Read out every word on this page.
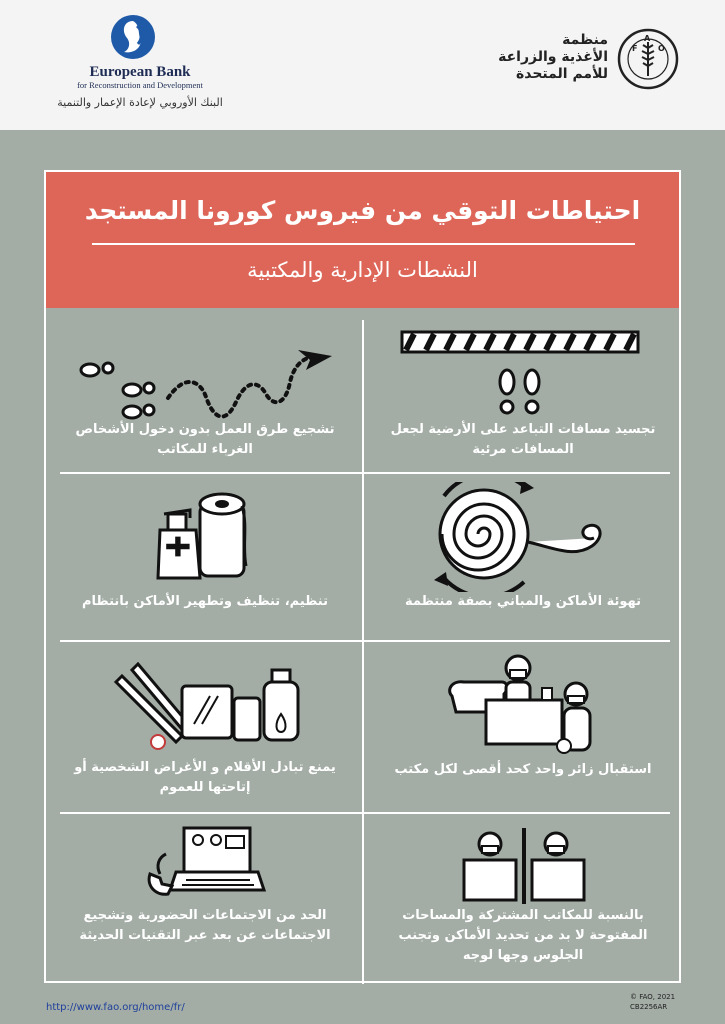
European Bank
for Reconstruction and Development
البنك الأوروبي لإعادة الإعمار والتنمية
منظمة
الأغذية والزراعة
للأمم المتحدة
F
A
O
احتياطات التوقي من فيروس كورونا المستجد
النشطات الإدارية والمكتبية
تجسيد مسافات التباعد على الأرضية لجعل المسافات مرئية
تشجيع طرق العمل بدون دخول الأشخاص الغرباء للمكاتب
تهوئة الأماكن والمباني بصفة منتظمة
تنظيم، تنظيف وتطهير الأماكن بانتظام
استقبال زائر واحد كحد أقصى لكل مكتب
يمنع تبادل الأقلام و الأغراض الشخصية أو إتاحتها للعموم
بالنسبة للمكاتب المشتركة والمساحات المفتوحة لا بد من تحديد الأماكن وتجنب الجلوس وجها لوجه
الحد من الاجتماعات الحضورية وتشجيع الاجتماعات عن بعد عبر التقنيات الحديثة
http://www.fao.org/home/fr/
© FAO, 2021
CB2256AR
